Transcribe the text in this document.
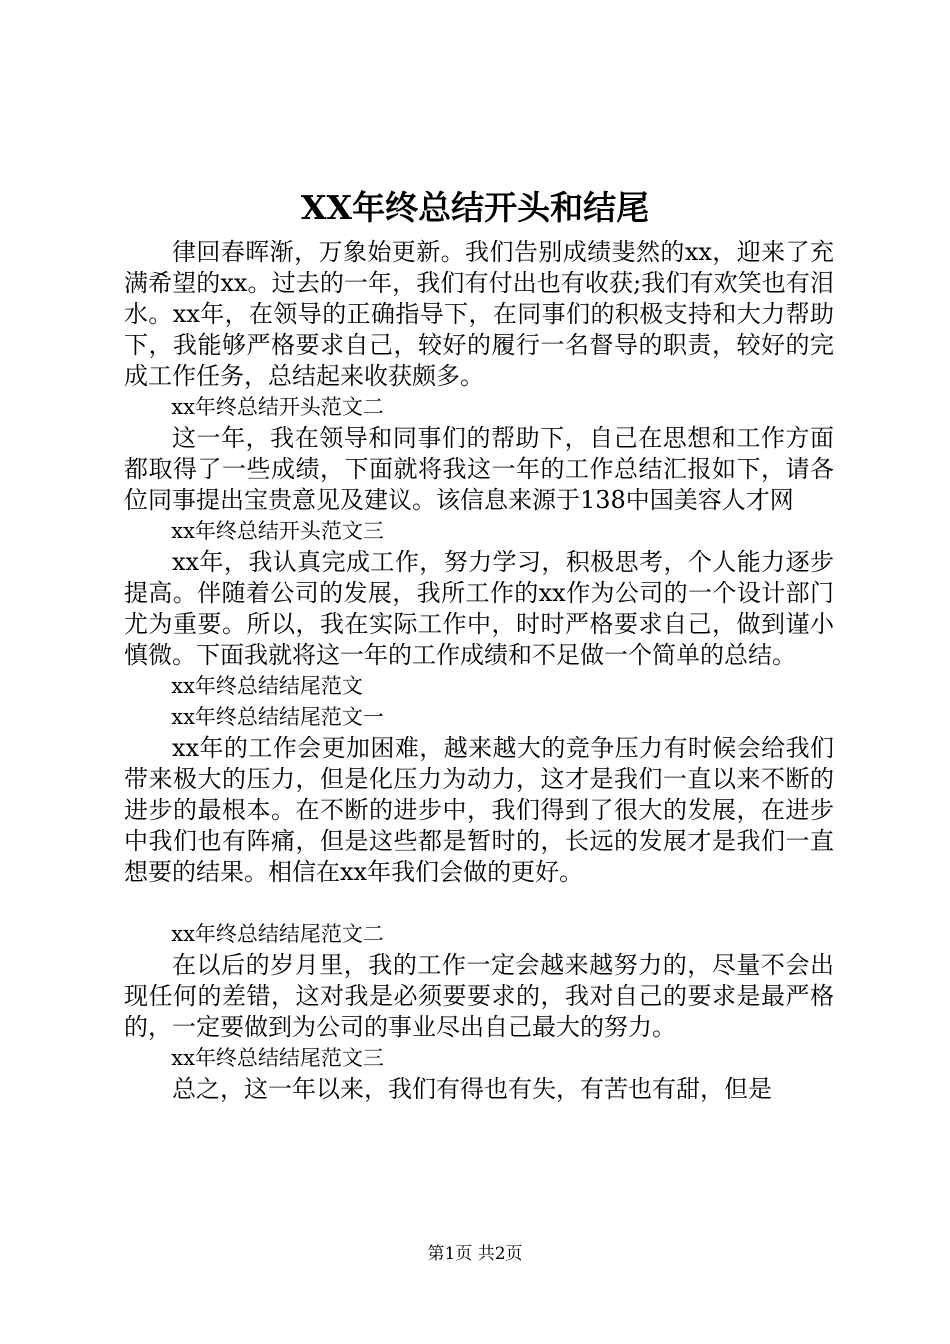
XX年终总结开头和结尾

律回春晖渐，万象始更新。我们告别成绩斐然的xx，迎来了充满希望的xx。过去的一年，我们有付出也有收获;我们有欢笑也有泪水。xx年，在领导的正确指导下，在同事们的积极支持和大力帮助下，我能够严格要求自己，较好的履行一名督导的职责，较好的完成工作任务，总结起来收获颇多。

xx年终总结开头范文二

这一年，我在领导和同事们的帮助下，自己在思想和工作方面都取得了一些成绩，下面就将我这一年的工作总结汇报如下，请各位同事提出宝贵意见及建议。该信息来源于138中国美容人才网

xx年终总结开头范文三

xx年，我认真完成工作，努力学习，积极思考，个人能力逐步提高。伴随着公司的发展，我所工作的xx作为公司的一个设计部门尤为重要。所以，我在实际工作中，时时严格要求自己，做到谨小慎微。下面我就将这一年的工作成绩和不足做一个简单的总结。

xx年终总结结尾范文

xx年终总结结尾范文一

xx年的工作会更加困难，越来越大的竞争压力有时候会给我们带来极大的压力，但是化压力为动力，这才是我们一直以来不断的进步的最根本。在不断的进步中，我们得到了很大的发展，在进步中我们也有阵痛，但是这些都是暂时的，长远的发展才是我们一直想要的结果。相信在xx年我们会做的更好。

xx年终总结结尾范文二

在以后的岁月里，我的工作一定会越来越努力的，尽量不会出现任何的差错，这对我是必须要要求的，我对自己的要求是最严格的，一定要做到为公司的事业尽出自己最大的努力。

xx年终总结结尾范文三

总之，这一年以来，我们有得也有失，有苦也有甜，但是

第1页 共2页
